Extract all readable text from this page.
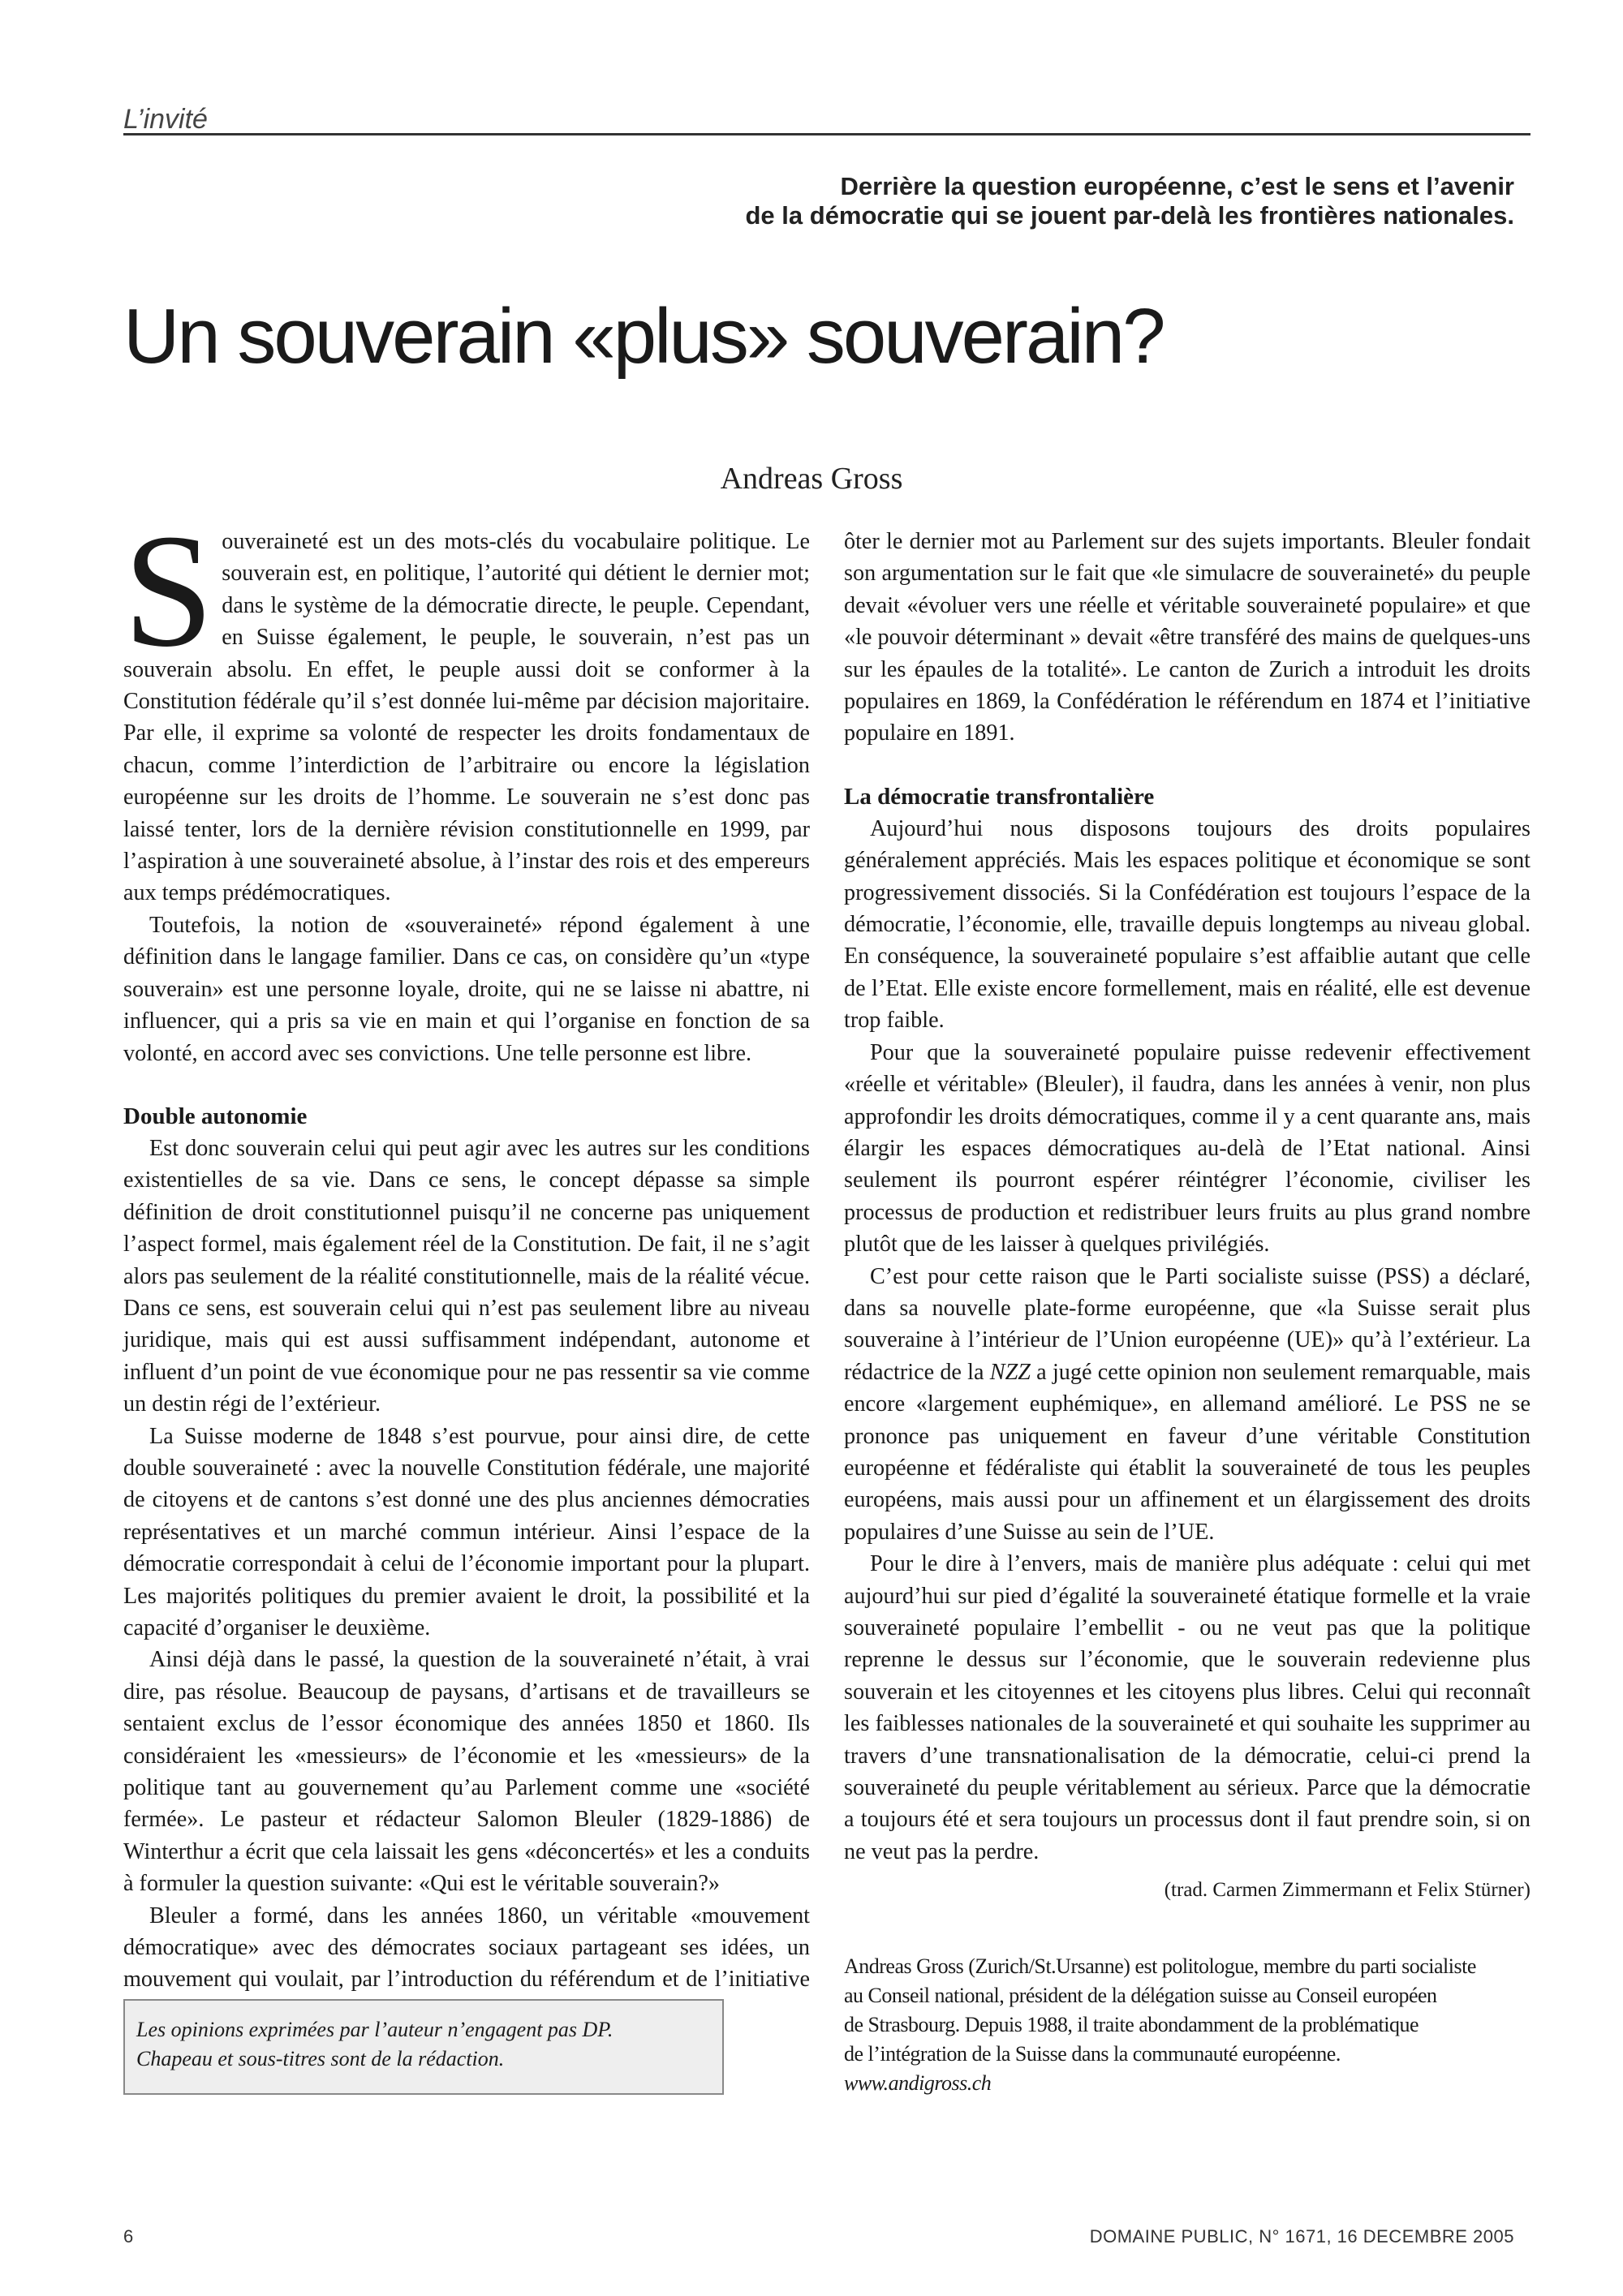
L’invité

Derrière la question européenne, c’est le sens et l’avenir

de la démocratie qui se jouent par-delà les frontières nationales.

Un souverain «plus» souverain?
Andreas Gross

Souveraineté est un des mots-clés du vocabulaire politique. Le souverain est, en politique, l’autorité qui détient le dernier mot; dans le système de la démocratie directe, le peuple. Cependant, en Suisse également, le peuple, le souverain, n’est pas un souverain absolu. En effet, le peuple aussi doit se conformer à la Constitution fédérale qu’il s’est donnée lui-même par décision majoritaire. Par elle, il exprime sa volonté de respecter les droits fondamentaux de chacun, comme l’interdiction de l’arbitraire ou encore la législation européenne sur les droits de l’homme. Le souverain ne s’est donc pas laissé tenter, lors de la dernière révision constitutionnelle en 1999, par l’aspiration à une souveraineté absolue, à l’instar des rois et des empereurs aux temps prédémocratiques.

Toutefois, la notion de «souveraineté» répond également à une définition dans le langage familier. Dans ce cas, on considère qu’un «type souverain» est une personne loyale, droite, qui ne se laisse ni abattre, ni influencer, qui a pris sa vie en main et qui l’organise en fonction de sa volonté, en accord avec ses convictions. Une telle personne est libre.

Double autonomie

Est donc souverain celui qui peut agir avec les autres sur les conditions existentielles de sa vie. Dans ce sens, le concept dépasse sa simple définition de droit constitutionnel puisqu’il ne concerne pas uniquement l’aspect formel, mais également réel de la Constitution. De fait, il ne s’agit alors pas seulement de la réalité constitutionnelle, mais de la réalité vécue. Dans ce sens, est souverain celui qui n’est pas seulement libre au niveau juridique, mais qui est aussi suffisamment indépendant, autonome et influent d’un point de vue économique pour ne pas ressentir sa vie comme un destin régi de l’extérieur.

La Suisse moderne de 1848 s’est pourvue, pour ainsi dire, de cette double souveraineté : avec la nouvelle Constitution fédérale, une majorité de citoyens et de cantons s’est donné une des plus anciennes démocraties représentatives et un marché commun intérieur. Ainsi l’espace de la démocratie correspondait à celui de l’économie important pour la plupart. Les majorités politiques du premier avaient le droit, la possibilité et la capacité d’organiser le deuxième.

Ainsi déjà dans le passé, la question de la souveraineté n’était, à vrai dire, pas résolue. Beaucoup de paysans, d’artisans et de travailleurs se sentaient exclus de l’essor économique des années 1850 et 1860. Ils considéraient les «messieurs» de l’économie et les «messieurs» de la politique tant au gouvernement qu’au Parlement comme une «société fermée». Le pasteur et rédacteur Salomon Bleuler (1829-1886) de Winterthur a écrit que cela laissait les gens «déconcertés» et les a conduits à formuler la question suivante: «Qui est le véritable souverain?»

Bleuler a formé, dans les années 1860, un véritable «mouvement démocratique» avec des démocrates sociaux partageant ses idées, un mouvement qui voulait, par l’introduction du référendum et de l’initiative

ôter le dernier mot au Parlement sur des sujets importants. Bleuler fondait son argumentation sur le fait que «le simulacre de souveraineté» du peuple devait «évoluer vers une réelle et véritable souveraineté populaire» et que «le pouvoir déterminant » devait «être transféré des mains de quelques-uns sur les épaules de la totalité». Le canton de Zurich a introduit les droits populaires en 1869, la Confédération le référendum en 1874 et l’initiative populaire en 1891.

La démocratie transfrontalière

Aujourd’hui nous disposons toujours des droits populaires généralement appréciés. Mais les espaces politique et économique se sont progressivement dissociés. Si la Confédération est toujours l’espace de la démocratie, l’économie, elle, travaille depuis longtemps au niveau global. En conséquence, la souveraineté populaire s’est affaiblie autant que celle de l’Etat. Elle existe encore formellement, mais en réalité, elle est devenue trop faible.

Pour que la souveraineté populaire puisse redevenir effectivement «réelle et véritable» (Bleuler), il faudra, dans les années à venir, non plus approfondir les droits démocratiques, comme il y a cent quarante ans, mais élargir les espaces démocratiques au-delà de l’Etat national. Ainsi seulement ils pourront espérer réintégrer l’économie, civiliser les processus de production et redistribuer leurs fruits au plus grand nombre plutôt que de les laisser à quelques privilégiés.

C’est pour cette raison que le Parti socialiste suisse (PSS) a déclaré, dans sa nouvelle plate-forme européenne, que «la Suisse serait plus souveraine à l’intérieur de l’Union européenne (UE)» qu’à l’extérieur. La rédactrice de la NZZ a jugé cette opinion non seulement remarquable, mais encore «largement euphémique», en allemand amélioré. Le PSS ne se prononce pas uniquement en faveur d’une véritable Constitution européenne et fédéraliste qui établit la souveraineté de tous les peuples européens, mais aussi pour un affinement et un élargissement des droits populaires d’une Suisse au sein de l’UE.

Pour le dire à l’envers, mais de manière plus adéquate : celui qui met aujourd’hui sur pied d’égalité la souveraineté étatique formelle et la vraie souveraineté populaire l’embellit - ou ne veut pas que la politique reprenne le dessus sur l’économie, que le souverain redevienne plus souverain et les citoyennes et les citoyens plus libres. Celui qui reconnaît les faiblesses nationales de la souveraineté et qui souhaite les supprimer au travers d’une transnationalisation de la démocratie, celui-ci prend la souveraineté du peuple véritablement au sérieux. Parce que la démocratie a toujours été et sera toujours un processus dont il faut prendre soin, si on ne veut pas la perdre.

(trad. Carmen Zimmermann et Felix Stürner)

Andreas Gross (Zurich/St.Ursanne) est politologue, membre du parti socialiste

au Conseil national, président de la délégation suisse au Conseil européen

de Strasbourg. Depuis 1988, il traite abondamment de la problématique

de l’intégration de la Suisse dans la communauté européenne.

www.andigross.ch

Les opinions exprimées par l’auteur n’engagent pas DP.

Chapeau et sous-titres sont de la rédaction.

6	DOMAINE PUBLIC, N° 1671, 16 DECEMBRE 2005
